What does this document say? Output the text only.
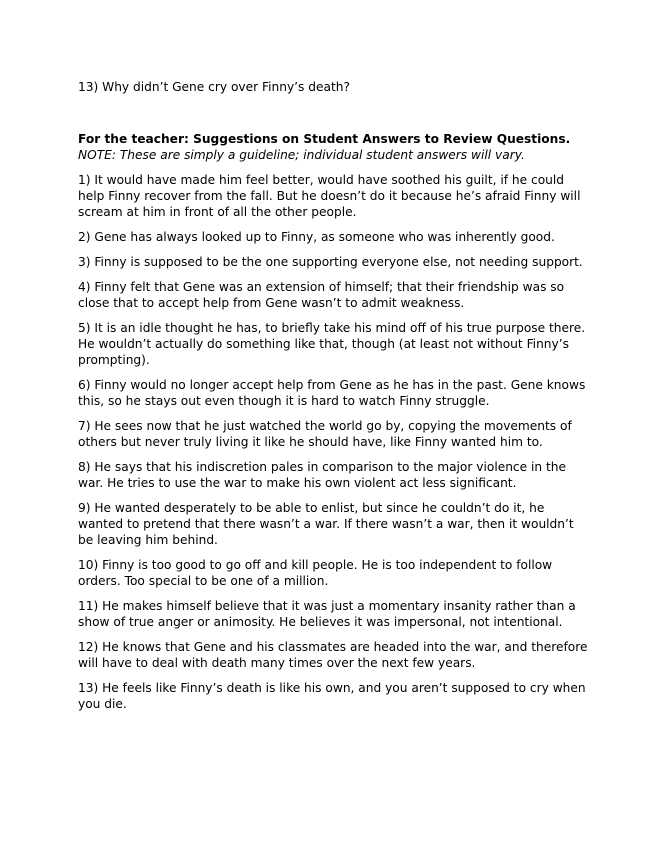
13) Why didn’t Gene cry over Finny’s death?
For the teacher: Suggestions on Student Answers to Review Questions.
NOTE: These are simply a guideline; individual student answers will vary.

1) It would have made him feel better, would have soothed his guilt, if he could help Finny recover from the fall. But he doesn’t do it because he’s afraid Finny will scream at him in front of all the other people.

2) Gene has always looked up to Finny, as someone who was inherently good.

3) Finny is supposed to be the one supporting everyone else, not needing support.

4) Finny felt that Gene was an extension of himself; that their friendship was so close that to accept help from Gene wasn’t to admit weakness.

5) It is an idle thought he has, to briefly take his mind off of his true purpose there. He wouldn’t actually do something like that, though (at least not without Finny’s prompting).

6) Finny would no longer accept help from Gene as he has in the past. Gene knows this, so he stays out even though it is hard to watch Finny struggle.

7) He sees now that he just watched the world go by, copying the movements of others but never truly living it like he should have, like Finny wanted him to.

8) He says that his indiscretion pales in comparison to the major violence in the war. He tries to use the war to make his own violent act less significant.

9) He wanted desperately to be able to enlist, but since he couldn’t do it, he wanted to pretend that there wasn’t a war. If there wasn’t a war, then it wouldn’t be leaving him behind.

10) Finny is too good to go off and kill people. He is too independent to follow orders. Too special to be one of a million.

11) He makes himself believe that it was just a momentary insanity rather than a show of true anger or animosity. He believes it was impersonal, not intentional.

12) He knows that Gene and his classmates are headed into the war, and therefore will have to deal with death many times over the next few years.

13) He feels like Finny’s death is like his own, and you aren’t supposed to cry when you die.
